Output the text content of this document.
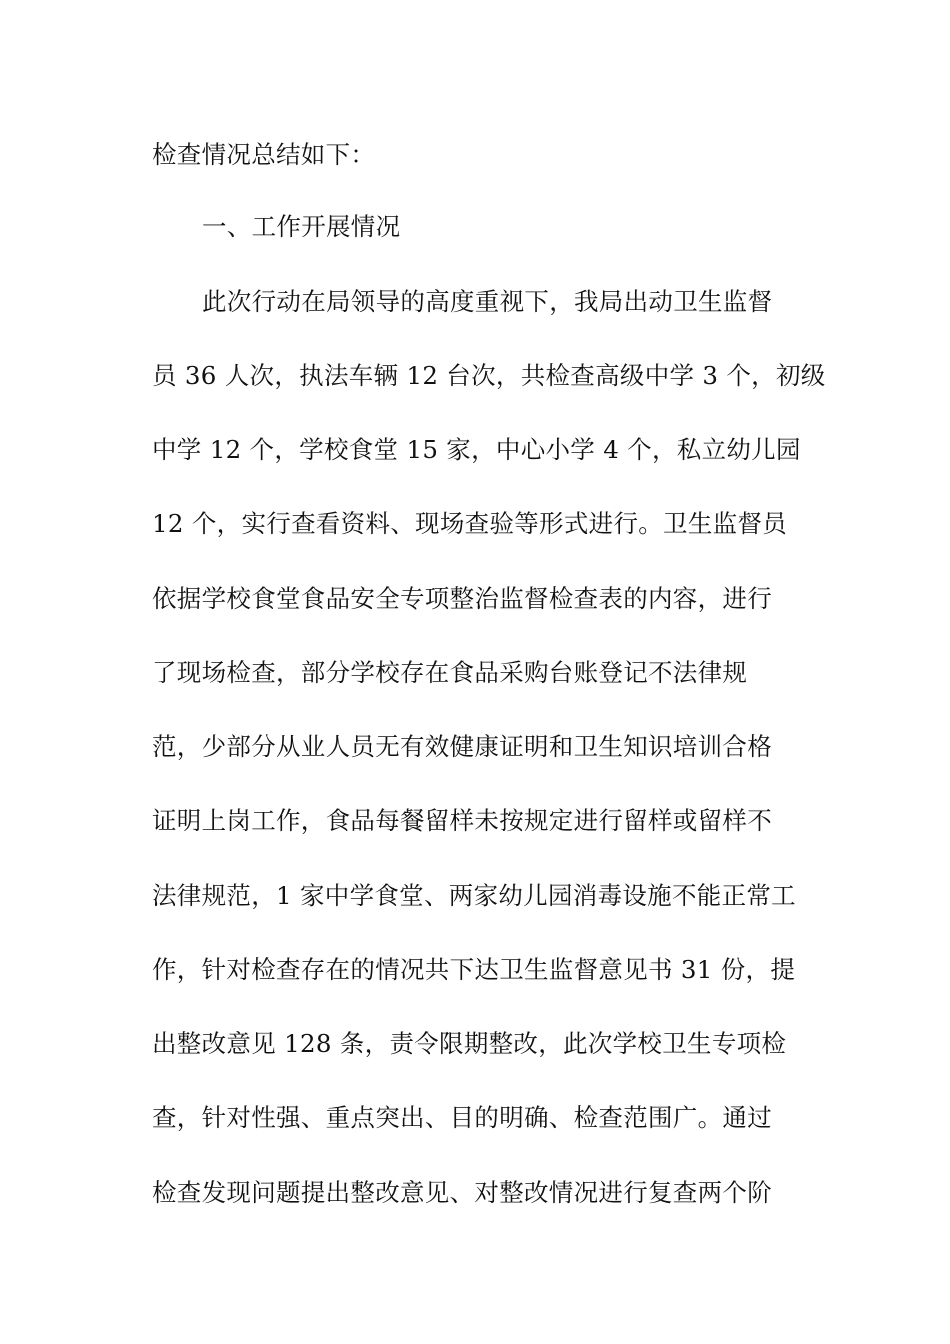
检查情况总结如下：

一、工作开展情况

此次行动在局领导的高度重视下，我局出动卫生监督

员 36 人次，执法车辆 12 台次，共检查高级中学 3 个，初级

中学 12 个，学校食堂 15 家，中心小学 4 个，私立幼儿园

12 个，实行查看资料、现场查验等形式进行。卫生监督员

依据学校食堂食品安全专项整治监督检查表的内容，进行

了现场检查，部分学校存在食品采购台账登记不法律规

范，少部分从业人员无有效健康证明和卫生知识培训合格

证明上岗工作，食品每餐留样未按规定进行留样或留样不

法律规范，1 家中学食堂、两家幼儿园消毒设施不能正常工

作，针对检查存在的情况共下达卫生监督意见书 31 份，提

出整改意见 128 条，责令限期整改，此次学校卫生专项检

查，针对性强、重点突出、目的明确、检查范围广。通过

检查发现问题提出整改意见、对整改情况进行复查两个阶
